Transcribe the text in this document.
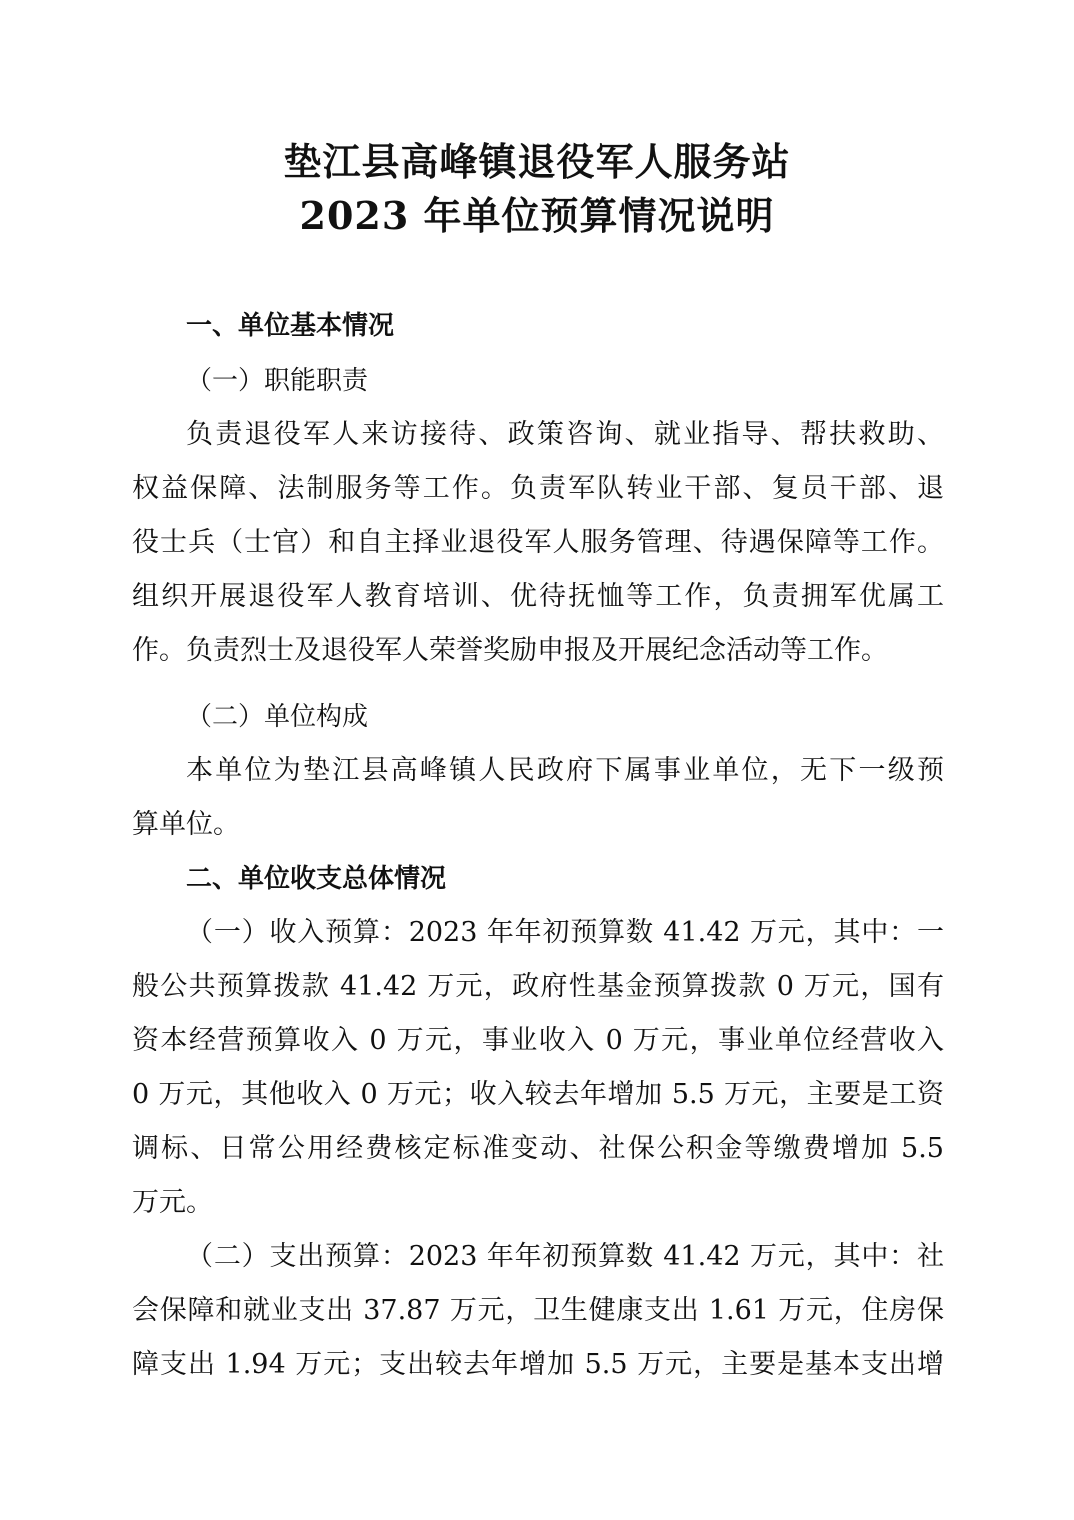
垫江县高峰镇退役军人服务站
2023 年单位预算情况说明
一、单位基本情况
（一）职能职责
负责退役军人来访接待、政策咨询、就业指导、帮扶救助、
权益保障、法制服务等工作。负责军队转业干部、复员干部、退
役士兵（士官）和自主择业退役军人服务管理、待遇保障等工作。
组织开展退役军人教育培训、优待抚恤等工作，负责拥军优属工
作。负责烈士及退役军人荣誉奖励申报及开展纪念活动等工作。
（二）单位构成
本单位为垫江县高峰镇人民政府下属事业单位，无下一级预
算单位。
二、单位收支总体情况
（一）收入预算：2023 年年初预算数 41.42 万元，其中：一
般公共预算拨款 41.42 万元，政府性基金预算拨款 0 万元，国有
资本经营预算收入 0 万元，事业收入 0 万元，事业单位经营收入
0 万元，其他收入 0 万元；收入较去年增加 5.5 万元，主要是工资
调标、日常公用经费核定标准变动、社保公积金等缴费增加 5.5
万元。
（二）支出预算：2023 年年初预算数 41.42 万元，其中：社
会保障和就业支出 37.87 万元，卫生健康支出 1.61 万元，住房保
障支出 1.94 万元；支出较去年增加 5.5 万元，主要是基本支出增
